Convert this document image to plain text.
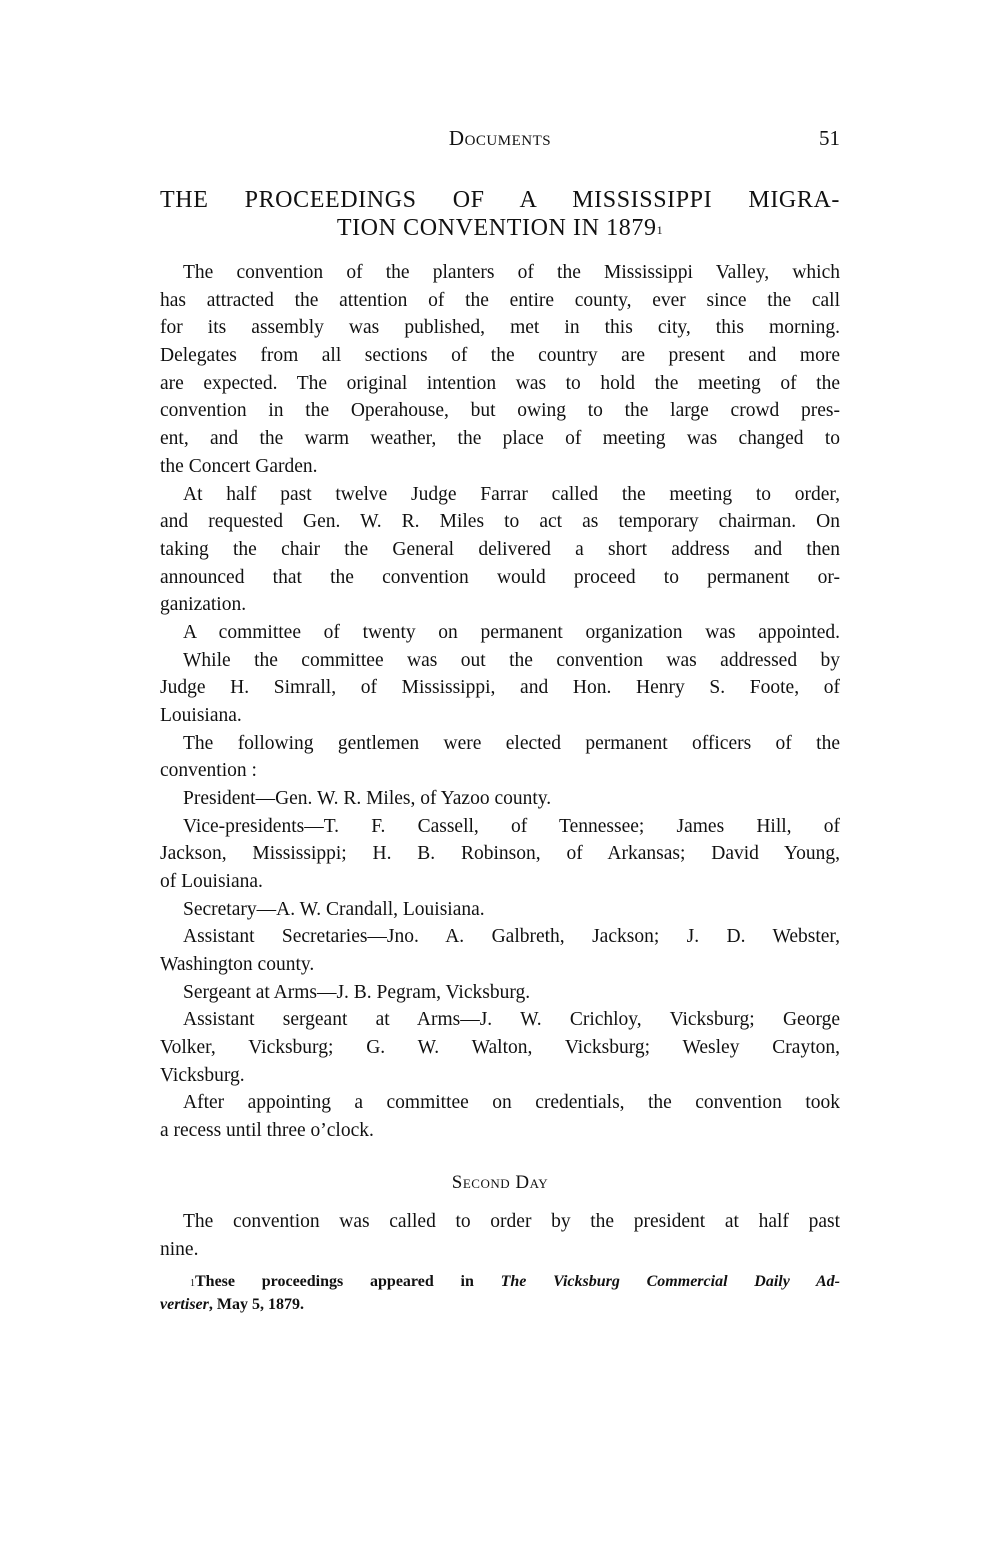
Documents	51
THE PROCEEDINGS OF A MISSISSIPPI MIGRA-
TION CONVENTION IN 1879$^1$
The convention of the planters of the Mississippi Valley, which
has attracted the attention of the entire county, ever since the call
for its assembly was published, met in this city, this morning.
Delegates from all sections of the country are present and more
are expected. The original intention was to hold the meeting of the
convention in the Operahouse, but owing to the large crowd pres-
ent, and the warm weather, the place of meeting was changed to
the Concert Garden.
At half past twelve Judge Farrar called the meeting to order,
and requested Gen. W. R. Miles to act as temporary chairman. On
taking the chair the General delivered a short address and then
announced that the convention would proceed to permanent or-
ganization.
A committee of twenty on permanent organization was appointed.
While the committee was out the convention was addressed by
Judge H. Simrall, of Mississippi, and Hon. Henry S. Foote, of
Louisiana.
The following gentlemen were elected permanent officers of the
convention :
President—Gen. W. R. Miles, of Yazoo county.
Vice-presidents—T. F. Cassell, of Tennessee; James Hill, of
Jackson, Mississippi; H. B. Robinson, of Arkansas; David Young,
of Louisiana.
Secretary—A. W. Crandall, Louisiana.
Assistant Secretaries—Jno. A. Galbreth, Jackson; J. D. Webster,
Washington county.
Sergeant at Arms—J. B. Pegram, Vicksburg.
Assistant sergeant at Arms—J. W. Crichloy, Vicksburg; George
Volker, Vicksburg; G. W. Walton, Vicksburg; Wesley Crayton,
Vicksburg.
After appointing a committee on credentials, the convention took
a recess until three o’clock.
Second Day
The convention was called to order by the president at half past
nine.
$^1$These proceedings appeared in The Vicksburg Commercial Daily Ad-
vertiser, May 5, 1879.
